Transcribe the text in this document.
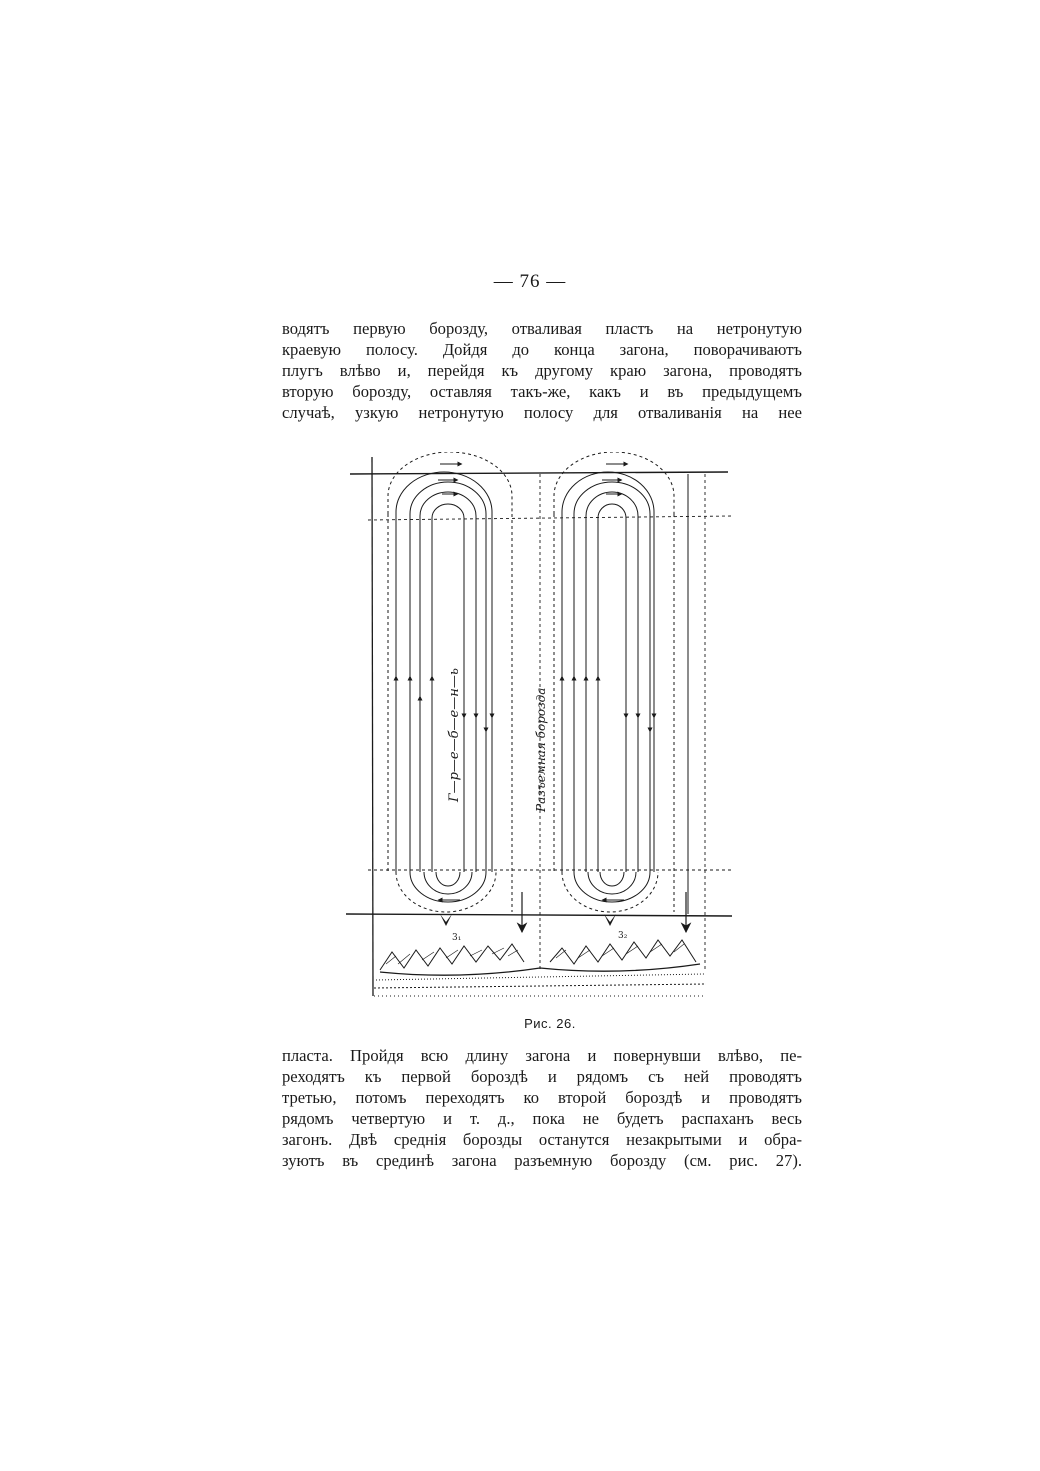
— 76 —
водятъ первую борозду, отваливая пластъ на нетронутую
краевую полосу. Дойдя до конца загона, поворачиваютъ
плугъ влѣво и, перейдя къ другому краю загона, проводятъ
вторую борозду, оставляя такъ-же, какъ и въ предыдущемъ
случаѣ, узкую нетронутую полосу для отваливанія на нее
Г—р—е—б—е—н—ь	Разъемная борозда
3₁	3₂
Рис. 26.
пласта. Пройдя всю длину загона и повернувши влѣво, пе-
реходятъ къ первой бороздѣ и рядомъ съ ней проводятъ
третью, потомъ переходятъ ко второй бороздѣ и проводятъ
рядомъ четвертую и т. д., пока не будетъ распаханъ весь
загонъ. Двѣ среднія борозды останутся незакрытыми и обра-
зуютъ въ срединѣ загона разъемную борозду (см. рис. 27).
